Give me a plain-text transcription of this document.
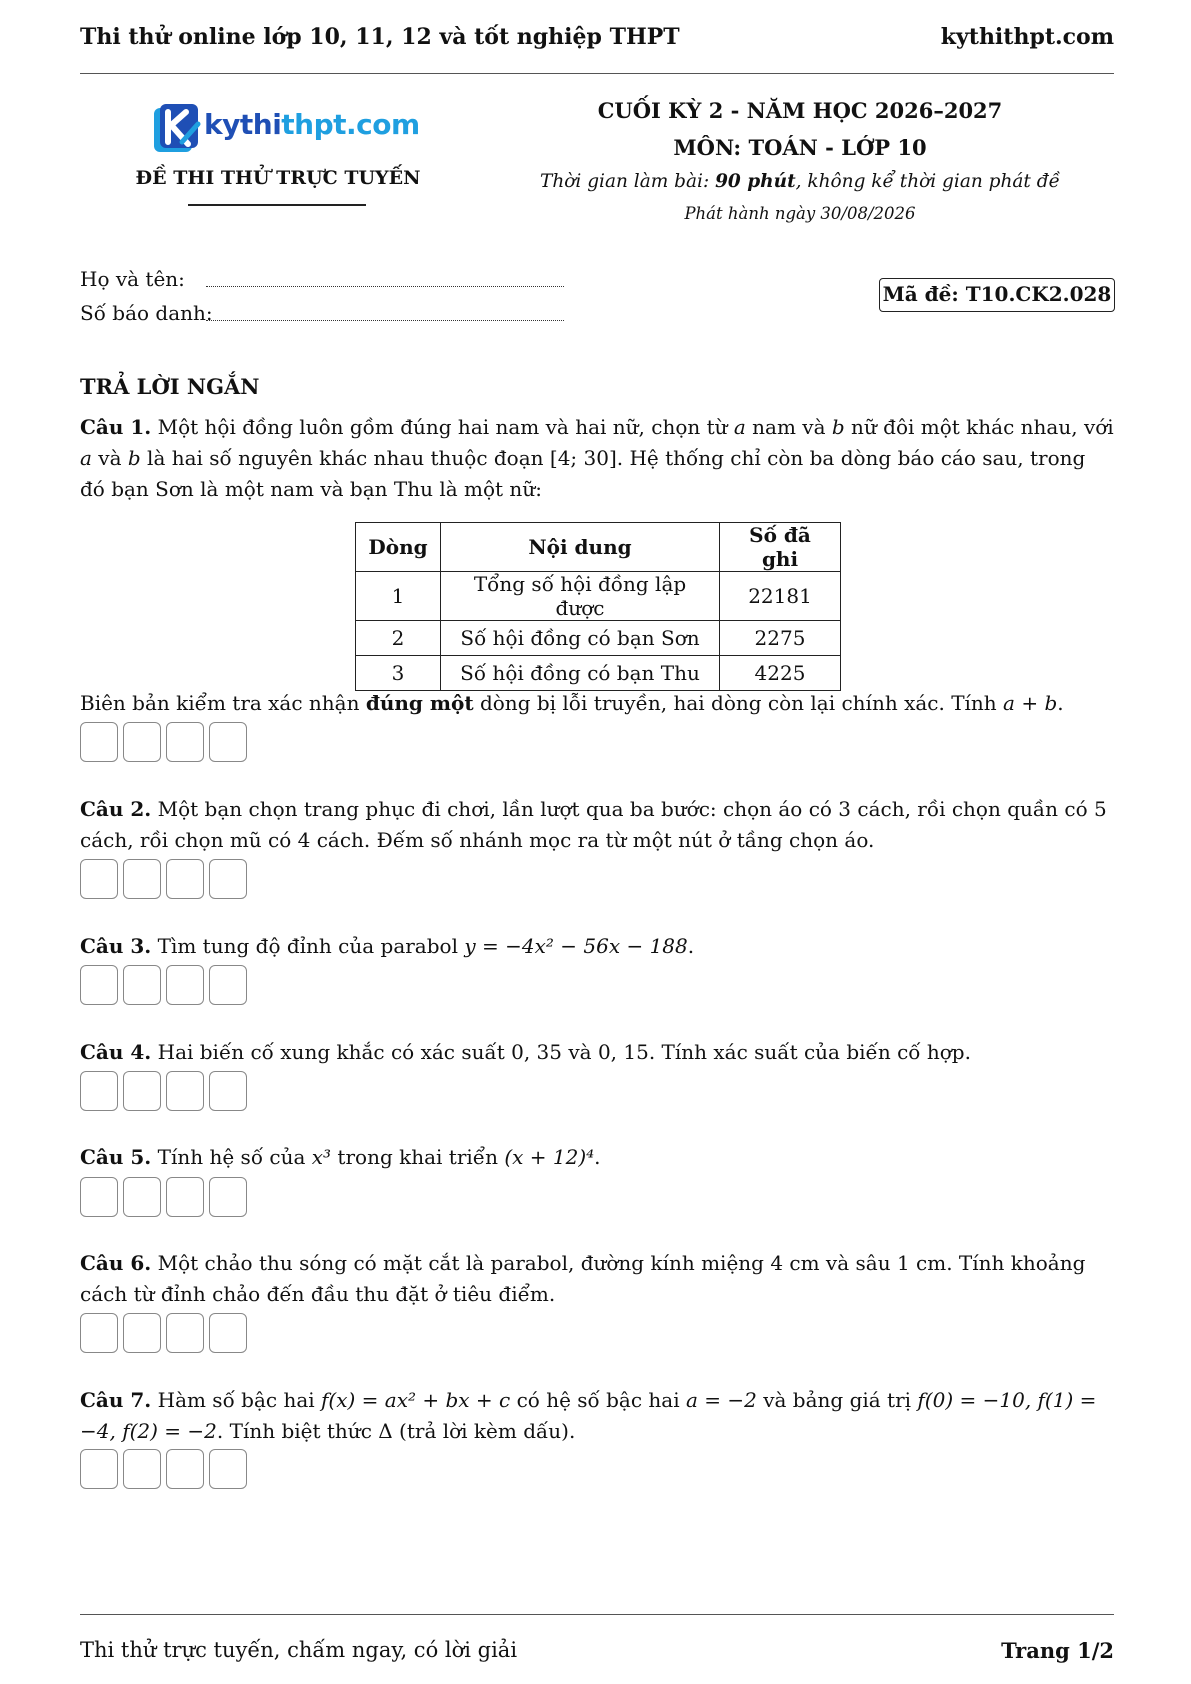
Thi thử online lớp 10, 11, 12 và tốt nghiệp THPT	kythithpt.com
kythithpt.com
ĐỀ THI THỬ TRỰC TUYẾN
CUỐI KỲ 2 - NĂM HỌC 2026–2027
MÔN: TOÁN - LỚP 10
Thời gian làm bài: 90 phút, không kể thời gian phát đề
Phát hành ngày 30/08/2026
Họ và tên:
Số báo danh:
Mã đề: T10.CK2.028
TRẢ LỜI NGẮN
Câu 1. Một hội đồng luôn gồm đúng hai nam và hai nữ, chọn từ a nam và b nữ đôi một khác nhau, với a và b là hai số nguyên khác nhau thuộc đoạn [4; 30]. Hệ thống chỉ còn ba dòng báo cáo sau, trong đó bạn Sơn là một nam và bạn Thu là một nữ:
Dòng	Nội dung	Số đã ghi
1	Tổng số hội đồng lập được	22181
2	Số hội đồng có bạn Sơn	2275
3	Số hội đồng có bạn Thu	4225
Biên bản kiểm tra xác nhận đúng một dòng bị lỗi truyền, hai dòng còn lại chính xác. Tính a + b.
Câu 2. Một bạn chọn trang phục đi chơi, lần lượt qua ba bước: chọn áo có 3 cách, rồi chọn quần có 5 cách, rồi chọn mũ có 4 cách. Đếm số nhánh mọc ra từ một nút ở tầng chọn áo.
Câu 3. Tìm tung độ đỉnh của parabol y = −4x² − 56x − 188.
Câu 4. Hai biến cố xung khắc có xác suất 0, 35 và 0, 15. Tính xác suất của biến cố hợp.
Câu 5. Tính hệ số của x³ trong khai triển (x + 12)⁴.
Câu 6. Một chảo thu sóng có mặt cắt là parabol, đường kính miệng 4 cm và sâu 1 cm. Tính khoảng cách từ đỉnh chảo đến đầu thu đặt ở tiêu điểm.
Câu 7. Hàm số bậc hai f(x) = ax² + bx + c có hệ số bậc hai a = −2 và bảng giá trị f(0) = −10, f(1) = −4, f(2) = −2. Tính biệt thức Δ (trả lời kèm dấu).
Thi thử trực tuyến, chấm ngay, có lời giải	Trang 1/2
